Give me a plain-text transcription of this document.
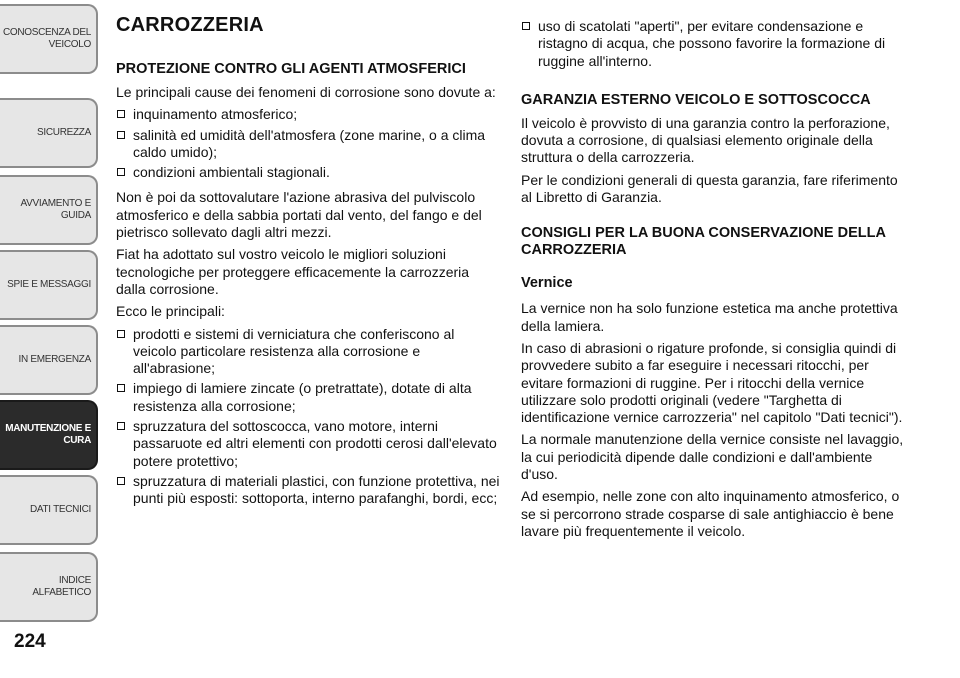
CONOSCENZA DEL
VEICOLO
SICUREZZA
AVVIAMENTO E
GUIDA
SPIE E MESSAGGI
IN EMERGENZA
MANUTENZIONE E
CURA
DATI TECNICI
INDICE ALFABETICO
224
CARROZZERIA
PROTEZIONE CONTRO GLI AGENTI ATMOSFERICI

Le principali cause dei fenomeni di corrosione sono dovute a:

inquinamento atmosferico;
salinità ed umidità dell'atmosfera (zone marine, o a clima caldo umido);
condizioni ambientali stagionali.

Non è poi da sottovalutare l'azione abrasiva del pulviscolo atmosferico e della sabbia portati dal vento, del fango e del pietrisco sollevato dagli altri mezzi.

Fiat ha adottato sul vostro veicolo le migliori soluzioni tecnologiche per proteggere efficacemente la carrozzeria dalla corrosione.

Ecco le principali:

prodotti e sistemi di verniciatura che conferiscono al veicolo particolare resistenza alla corrosione e all'abrasione;
impiego di lamiere zincate (o pretrattate), dotate di alta resistenza alla corrosione;
spruzzatura del sottoscocca, vano motore, interni passaruote ed altri elementi con prodotti cerosi dall'elevato potere protettivo;
spruzzatura di materiali plastici, con funzione protettiva, nei punti più esposti: sottoporta, interno parafanghi, bordi, ecc;
uso di scatolati "aperti", per evitare condensazione e ristagno di acqua, che possono favorire la formazione di ruggine all'interno.
GARANZIA ESTERNO VEICOLO E SOTTOSCOCCA

Il veicolo è provvisto di una garanzia contro la perforazione, dovuta a corrosione, di qualsiasi elemento originale della struttura o della carrozzeria.

Per le condizioni generali di questa garanzia, fare riferimento al Libretto di Garanzia.

CONSIGLI PER LA BUONA CONSERVAZIONE DELLA CARROZZERIA
Vernice

La vernice non ha solo funzione estetica ma anche protettiva della lamiera.

In caso di abrasioni o rigature profonde, si consiglia quindi di provvedere subito a far eseguire i necessari ritocchi, per evitare formazioni di ruggine. Per i ritocchi della vernice utilizzare solo prodotti originali (vedere "Targhetta di identificazione vernice carrozzeria" nel capitolo "Dati tecnici").

La normale manutenzione della vernice consiste nel lavaggio, la cui periodicità dipende dalle condizioni e dall'ambiente d'uso.

Ad esempio, nelle zone con alto inquinamento atmosferico, o se si percorrono strade cosparse di sale antighiaccio è bene lavare più frequentemente il veicolo.
